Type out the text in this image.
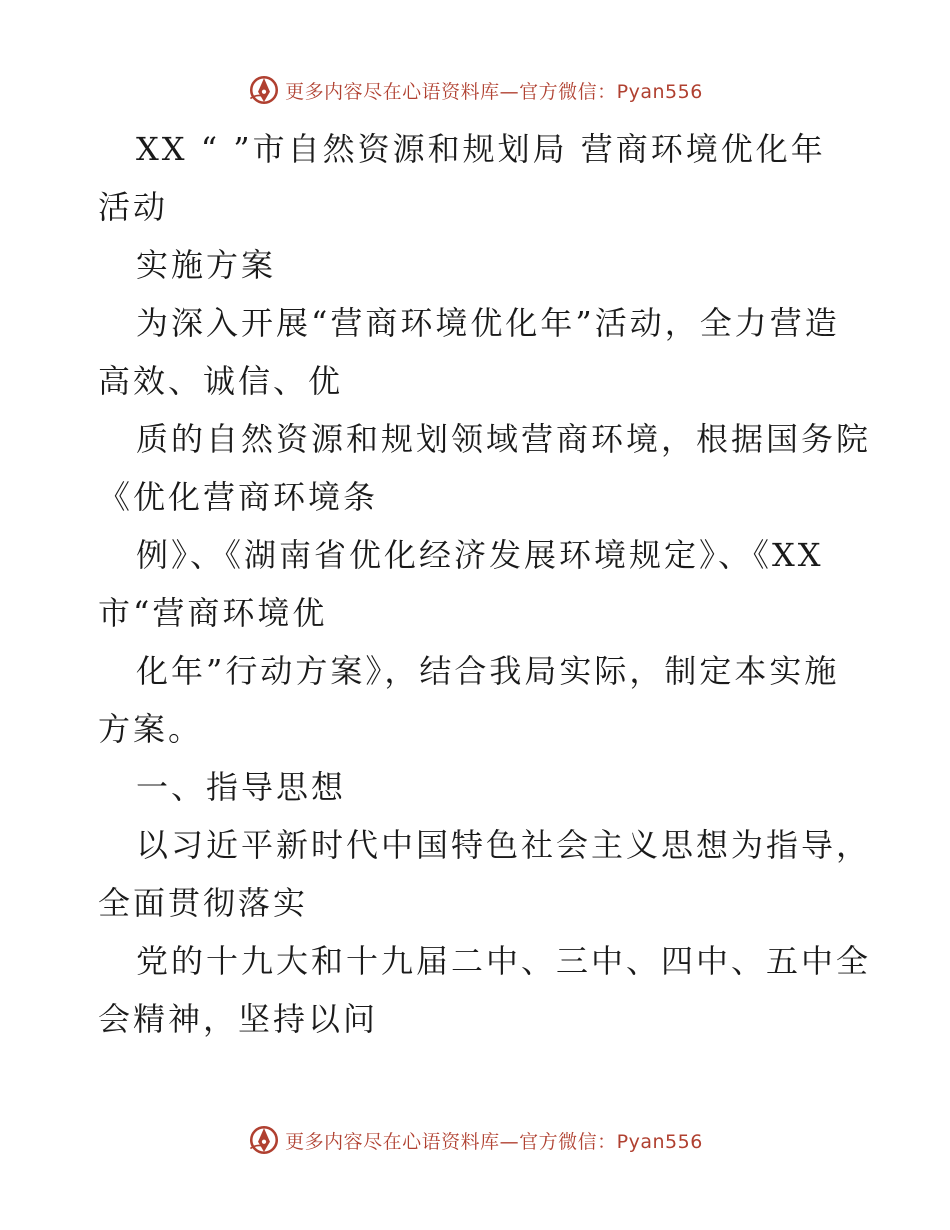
更多内容尽在心语资料库—官方微信：Pyan556
XX “ ”市自然资源和规划局 营商环境优化年
活动
实施方案
为深入开展“营商环境优化年”活动，全力营造
高效、诚信、优
质的自然资源和规划领域营商环境，根据国务院
《优化营商环境条
例》、《湖南省优化经济发展环境规定》、《XX
市“营商环境优
化年”行动方案》，结合我局实际，制定本实施
方案。
一、指导思想
以习近平新时代中国特色社会主义思想为指导，
全面贯彻落实
党的十九大和十九届二中、三中、四中、五中全
会精神，坚持以问
更多内容尽在心语资料库—官方微信：Pyan556
